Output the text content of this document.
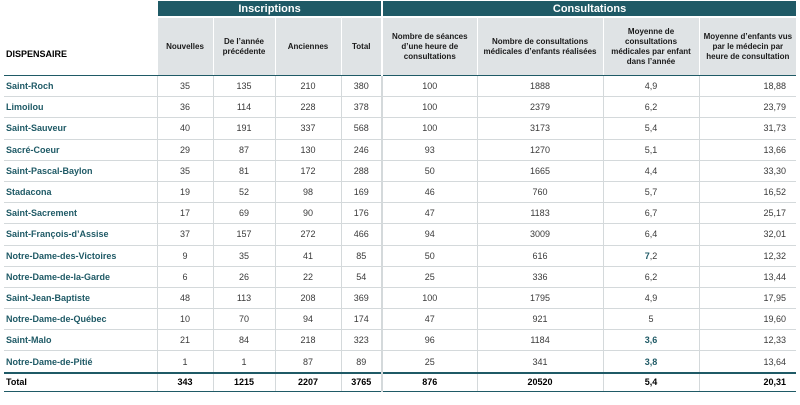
DISPENSAIRE	Inscriptions				Consultations			
	Nouvelles	De l’année précédente	Anciennes	Total	Nombre de séances d’une heure de consultations	Nombre de consultations médicales d’enfants réalisées	Moyenne de consultations médicales par enfant dans l’année	Moyenne d’enfants vus par le médecin par heure de consultation
Saint-Roch	35	135	210	380	100	1888	4,9	18,88
Limoilou	36	114	228	378	100	2379	6,2	23,79
Saint-Sauveur	40	191	337	568	100	3173	5,4	31,73
Sacré-Coeur	29	87	130	246	93	1270	5,1	13,66
Saint-Pascal-Baylon	35	81	172	288	50	1665	4,4	33,30
Stadacona	19	52	98	169	46	760	5,7	16,52
Saint-Sacrement	17	69	90	176	47	1183	6,7	25,17
Saint-François-d’Assise	37	157	272	466	94	3009	6,4	32,01
Notre-Dame-des-Victoires	9	35	41	85	50	616	7,2	12,32
Notre-Dame-de-la-Garde	6	26	22	54	25	336	6,2	13,44
Saint-Jean-Baptiste	48	113	208	369	100	1795	4,9	17,95
Notre-Dame-de-Québec	10	70	94	174	47	921	5	19,60
Saint-Malo	21	84	218	323	96	1184	3,6	12,33
Notre-Dame-de-Pitié	1	1	87	89	25	341	3,8	13,64
Total	343	1215	2207	3765	876	20520	5,4	20,31
